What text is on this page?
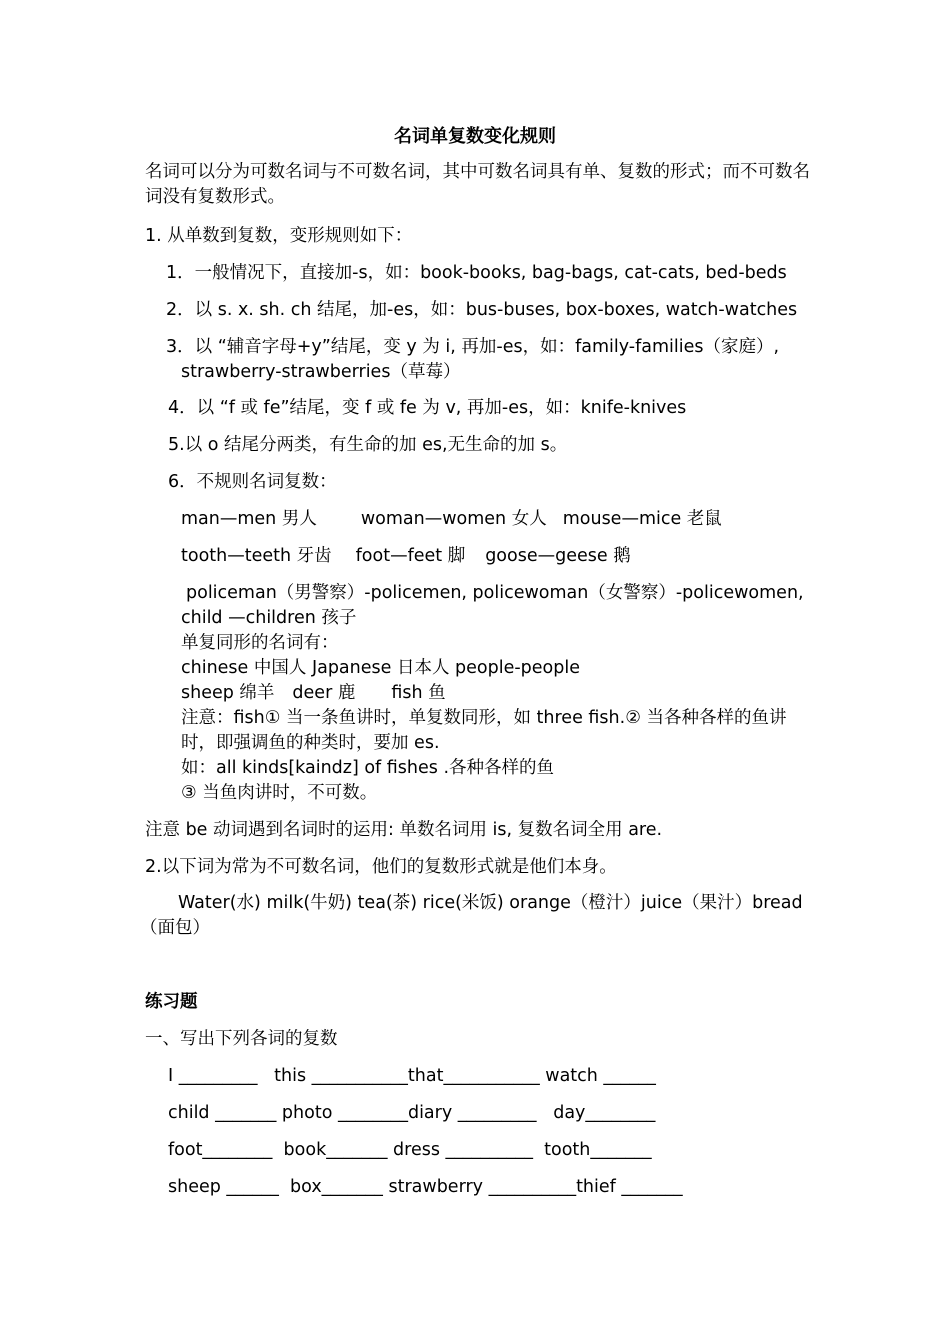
名词单复数变化规则
名词可以分为可数名词与不可数名词，其中可数名词具有单、复数的形式；而不可数名词没有复数形式。
1. 从单数到复数，变形规则如下：
1．一般情况下，直接加-s，如：book-books, bag-bags, cat-cats, bed-beds
2．以 s. x. sh. ch 结尾，加-es，如：bus-buses, box-boxes, watch-watches
3．以 “辅音字母+y”结尾，变 y 为 i, 再加-es，如：family-families（家庭）,
strawberry-strawberries（草莓）
4．以 “f 或 fe”结尾，变 f 或 fe 为 v, 再加-es，如：knife-knives
5.以 o 结尾分两类，有生命的加 es,无生命的加 s。
6．不规则名词复数：
man—men 男人	woman—women 女人 mouse—mice 老鼠
tooth—teeth 牙齿 foot—feet 脚 goose—geese 鹅
policeman（男警察）-policemen, policewoman（女警察）-policewomen,
child —children 孩子
单复同形的名词有：
chinese 中国人 Japanese 日本人 people-people
sheep 绵羊 deer 鹿 fish 鱼
注意：fish① 当一条鱼讲时，单复数同形，如 three fish.② 当各种各样的鱼讲
时，即强调鱼的种类时，要加 es.
如：all kinds[kaindz] of fishes .各种各样的鱼
③ 当鱼肉讲时，不可数。
注意 be 动词遇到名词时的运用: 单数名词用 is, 复数名词全用 are.
2.以下词为常为不可数名词，他们的复数形式就是他们本身。
Water(水) milk(牛奶) tea(茶) rice(米饭) orange（橙汁）juice（果汁）bread
（面包）
练习题
一、写出下列各词的复数
I _________   this ___________that___________ watch ______
child _______ photo ________diary _________   day________
foot________  book_______ dress __________  tooth_______
sheep ______  box_______ strawberry __________thief _______
